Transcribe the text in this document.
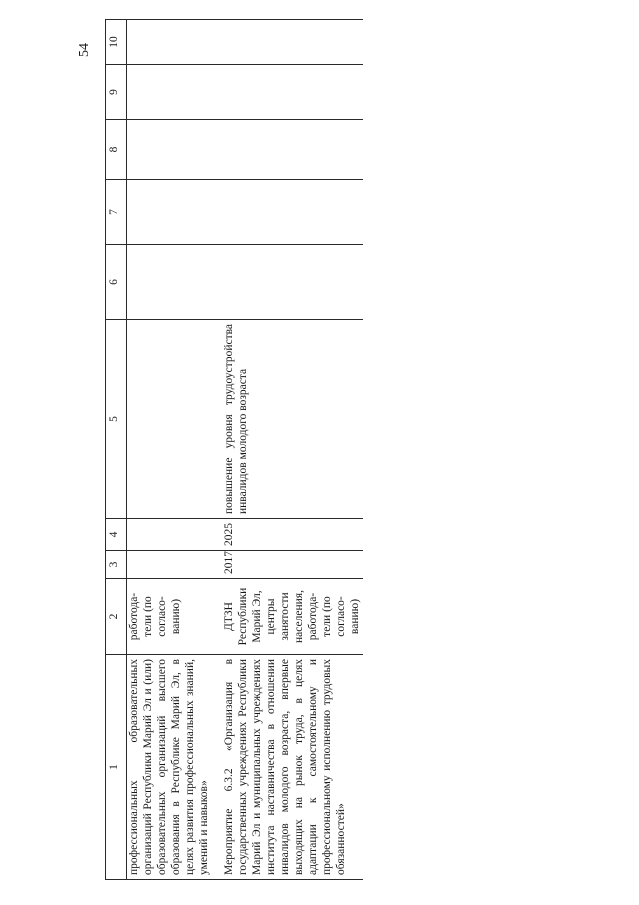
54
1	2	3	4	5	6	7	8	9	10
профессиональных образовательных организаций Республики Марий Эл и (или) образовательных организаций высшего образования в Республике Марий Эл, в целях развития профессиональных знаний, умений и навыков»	работода-тели (по согласо-ванию)								
Мероприятие 6.3.2 «Организация в государственных учреждениях Республики Марий Эл и муниципальных учреждениях института наставничества в отношении инвалидов молодого возраста, впервые выходящих на рынок труда, в целях адаптации к самостоятельному и профессиональному исполнению трудовых обязанностей»	ДТЗН Республики Марий Эл, центры занятости населения, работода-тели (по согласо-ванию)	2017	2025	повышение уровня трудоустройства инвалидов молодого возраста					
